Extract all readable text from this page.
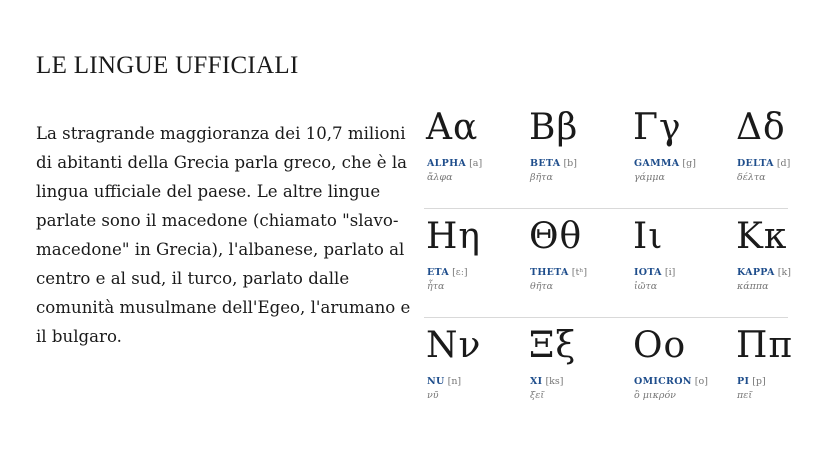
LE LINGUE UFFICIALI
La stragrande maggioranza dei 10,7 milioni di abitanti della Grecia parla greco, che è la lingua ufficiale del paese. Le altre lingue parlate sono il macedone (chiamato "slavo-macedone" in Grecia), l'albanese, parlato al centro e al sud, il turco, parlato dalle comunità musulmane dell'Egeo, l'arumano e il bulgaro.
Αα
ALPHA [a]
ἄλφα
Ββ
BETA [b]
βῆτα
Γγ
GAMMA [g]
γάμμα
Δδ
DELTA [d]
δέλτα
Ηη
ETA [ɛː]
ἦτα
Θθ
THETA [tʰ]
θῆτα
Ιι
IOTA [i]
ἰῶτα
Κκ
KAPPA [k]
κάππα
Νν
NU [n]
νῦ
Ξξ
XI [ks]
ξεῖ
Οο
OMICRON [o]
ὂ μικρόν
Ππ
PI [p]
πεῖ
